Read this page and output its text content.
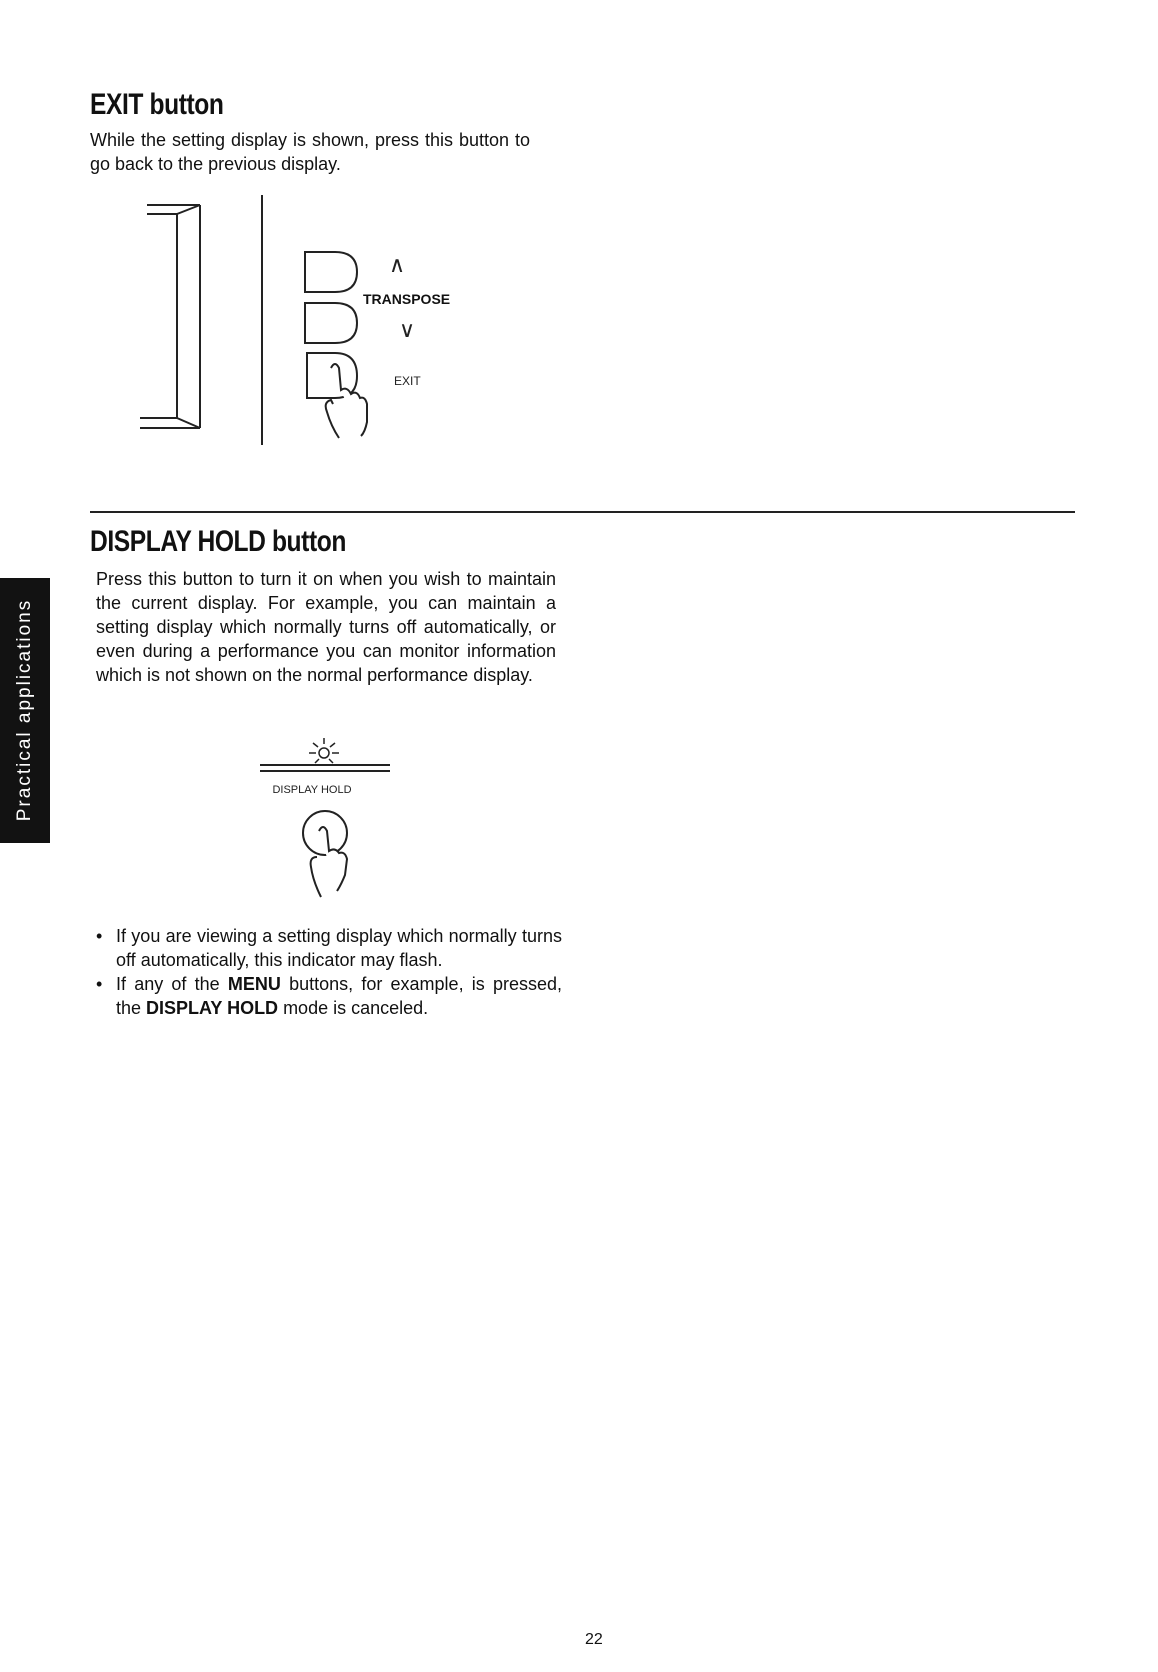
EXIT button

While the setting display is shown, press this button to go back to the previous display.

∧
TRANSPOSE
∨
EXIT
DISPLAY HOLD button

Press this button to turn it on when you wish to maintain the current display. For example, you can maintain a setting display which normally turns off automatically, or even during a performance you can monitor information which is not shown on the normal performance display.

DISPLAY HOLD
• If you are viewing a setting display which normally turns off automatically, this indicator may flash.
• If any of the MENU buttons, for example, is pressed, the DISPLAY HOLD mode is canceled.
Practical applications
22
